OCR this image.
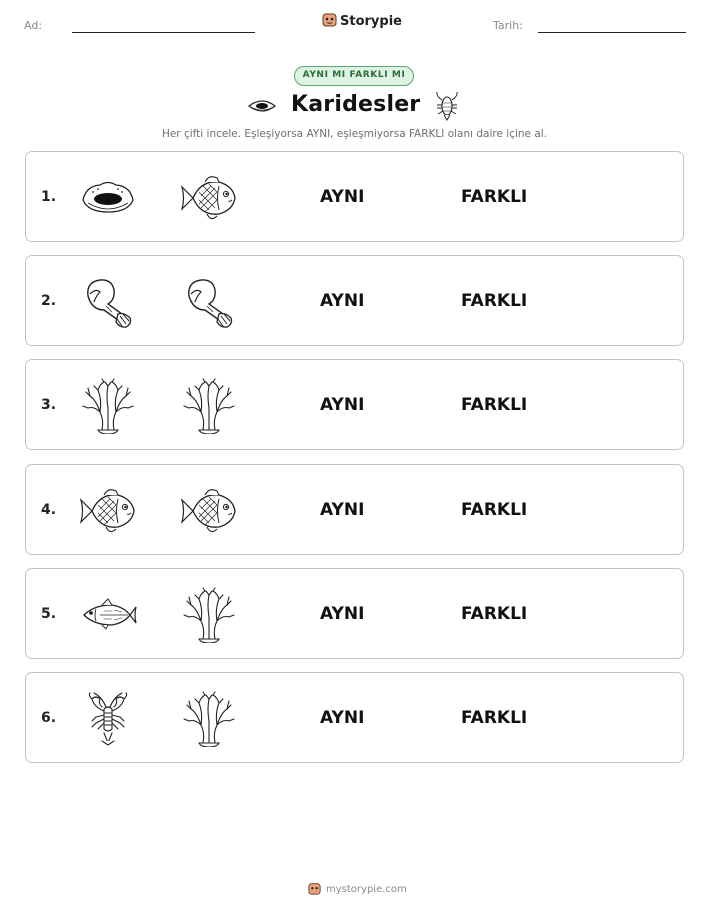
Ad:	Storypie	Tarih:
AYNI MI FARKLI MI
Karidesler
Her çifti incele. Eşleşiyorsa AYNI, eşleşmiyorsa FARKLI olanı daire içine al.
1.	AYNI	FARKLI
2.	AYNI	FARKLI
3.	AYNI	FARKLI
4.	AYNI	FARKLI
5.	AYNI	FARKLI
6.	AYNI	FARKLI
mystorypie.com
